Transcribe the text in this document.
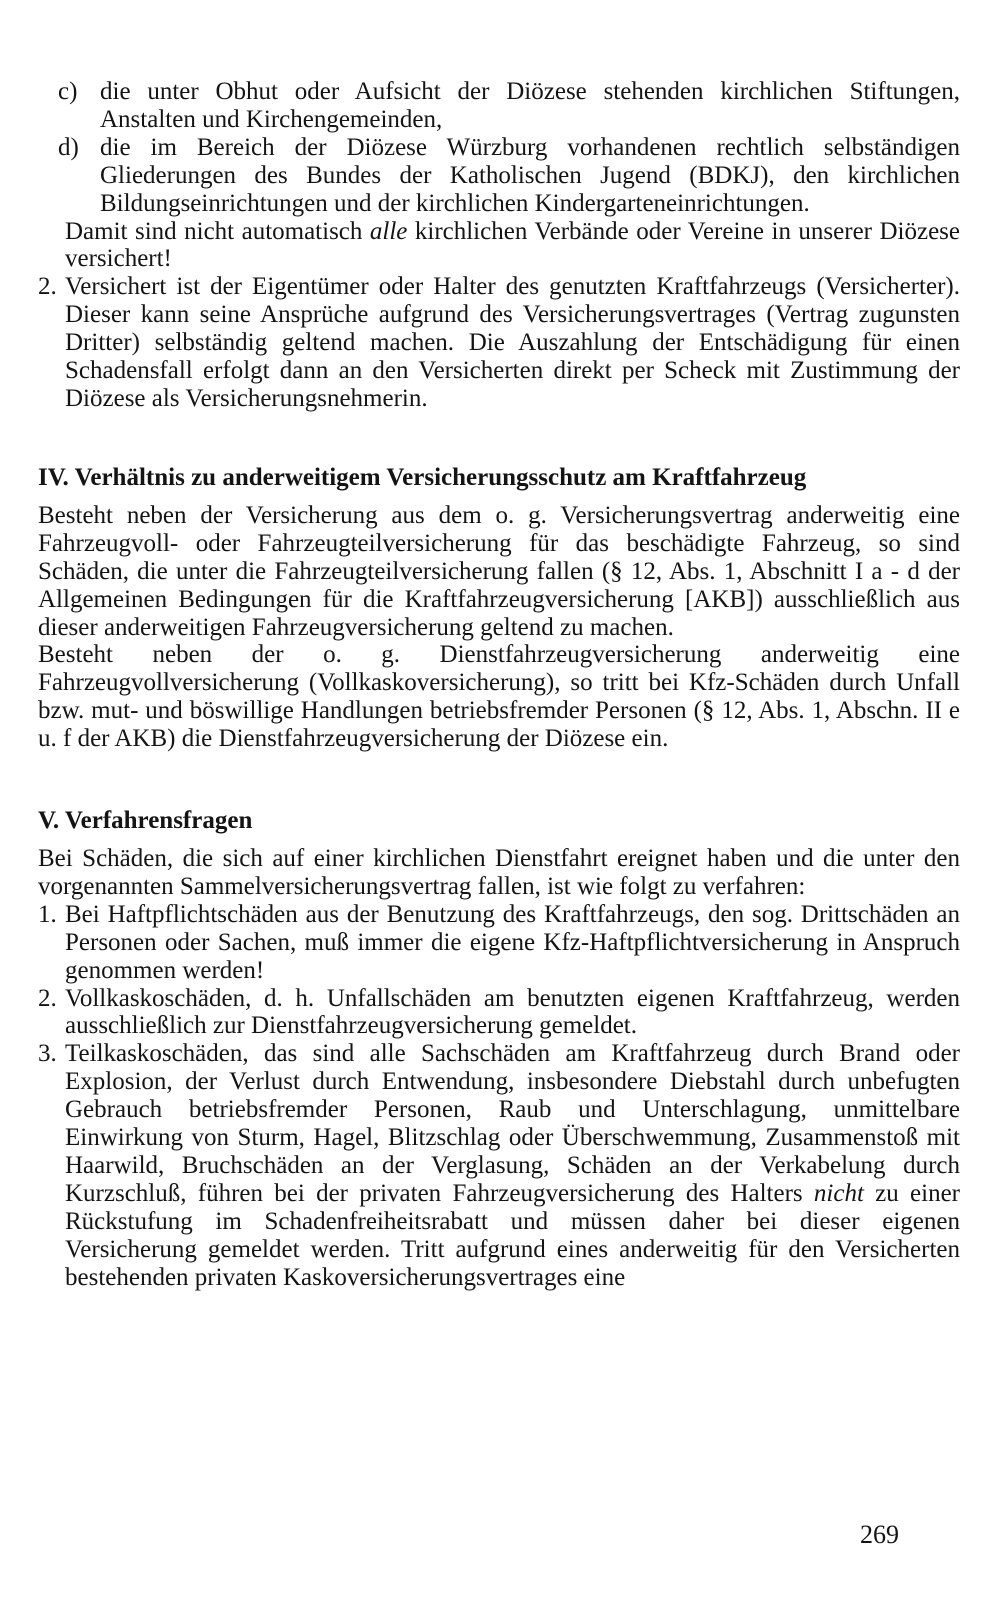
c) die unter Obhut oder Aufsicht der Diözese stehenden kirchlichen Stiftungen, Anstalten und Kirchengemeinden,
d) die im Bereich der Diözese Würzburg vorhandenen rechtlich selbständigen Gliederungen des Bundes der Katholischen Jugend (BDKJ), den kirchlichen Bildungseinrichtungen und der kirchlichen Kindergarteneinrichtungen.

Damit sind nicht automatisch alle kirchlichen Verbände oder Vereine in unserer Diözese versichert!

2. Versichert ist der Eigentümer oder Halter des genutzten Kraftfahrzeugs (Versicherter). Dieser kann seine Ansprüche aufgrund des Versicherungsvertrages (Vertrag zugunsten Dritter) selbständig geltend machen. Die Auszahlung der Entschädigung für einen Schadensfall erfolgt dann an den Versicherten direkt per Scheck mit Zustimmung der Diözese als Versicherungsnehmerin.
IV. Verhältnis zu anderweitigem Versicherungsschutz am Kraftfahrzeug

Besteht neben der Versicherung aus dem o. g. Versicherungsvertrag anderweitig eine Fahrzeugvoll- oder Fahrzeugteilversicherung für das beschädigte Fahrzeug, so sind Schäden, die unter die Fahrzeugteilversicherung fallen (§ 12, Abs. 1, Abschnitt I a - d der Allgemeinen Bedingungen für die Kraftfahrzeugversicherung [AKB]) ausschließlich aus dieser anderweitigen Fahrzeugversicherung geltend zu machen.

Besteht neben der o. g. Dienstfahrzeugversicherung anderweitig eine Fahrzeugvollversicherung (Vollkaskoversicherung), so tritt bei Kfz-Schäden durch Unfall bzw. mut- und böswillige Handlungen betriebsfremder Personen (§ 12, Abs. 1, Abschn. II e u. f der AKB) die Dienstfahrzeugversicherung der Diözese ein.

V. Verfahrensfragen

Bei Schäden, die sich auf einer kirchlichen Dienstfahrt ereignet haben und die unter den vorgenannten Sammelversicherungsvertrag fallen, ist wie folgt zu verfahren:

1. Bei Haftpflichtschäden aus der Benutzung des Kraftfahrzeugs, den sog. Drittschäden an Personen oder Sachen, muß immer die eigene Kfz-Haftpflichtversicherung in Anspruch genommen werden!
2. Vollkaskoschäden, d. h. Unfallschäden am benutzten eigenen Kraftfahrzeug, werden ausschließlich zur Dienstfahrzeugversicherung gemeldet.
3. Teilkaskoschäden, das sind alle Sachschäden am Kraftfahrzeug durch Brand oder Explosion, der Verlust durch Entwendung, insbesondere Diebstahl durch unbefugten Gebrauch betriebsfremder Personen, Raub und Unterschlagung, unmittelbare Einwirkung von Sturm, Hagel, Blitzschlag oder Überschwemmung, Zusammenstoß mit Haarwild, Bruchschäden an der Verglasung, Schäden an der Verkabelung durch Kurzschluß, führen bei der privaten Fahrzeugversicherung des Halters nicht zu einer Rückstufung im Schadenfreiheitsrabatt und müssen daher bei dieser eigenen Versicherung gemeldet werden. Tritt aufgrund eines anderweitig für den Versicherten bestehenden privaten Kaskoversicherungsvertrages eine
269
